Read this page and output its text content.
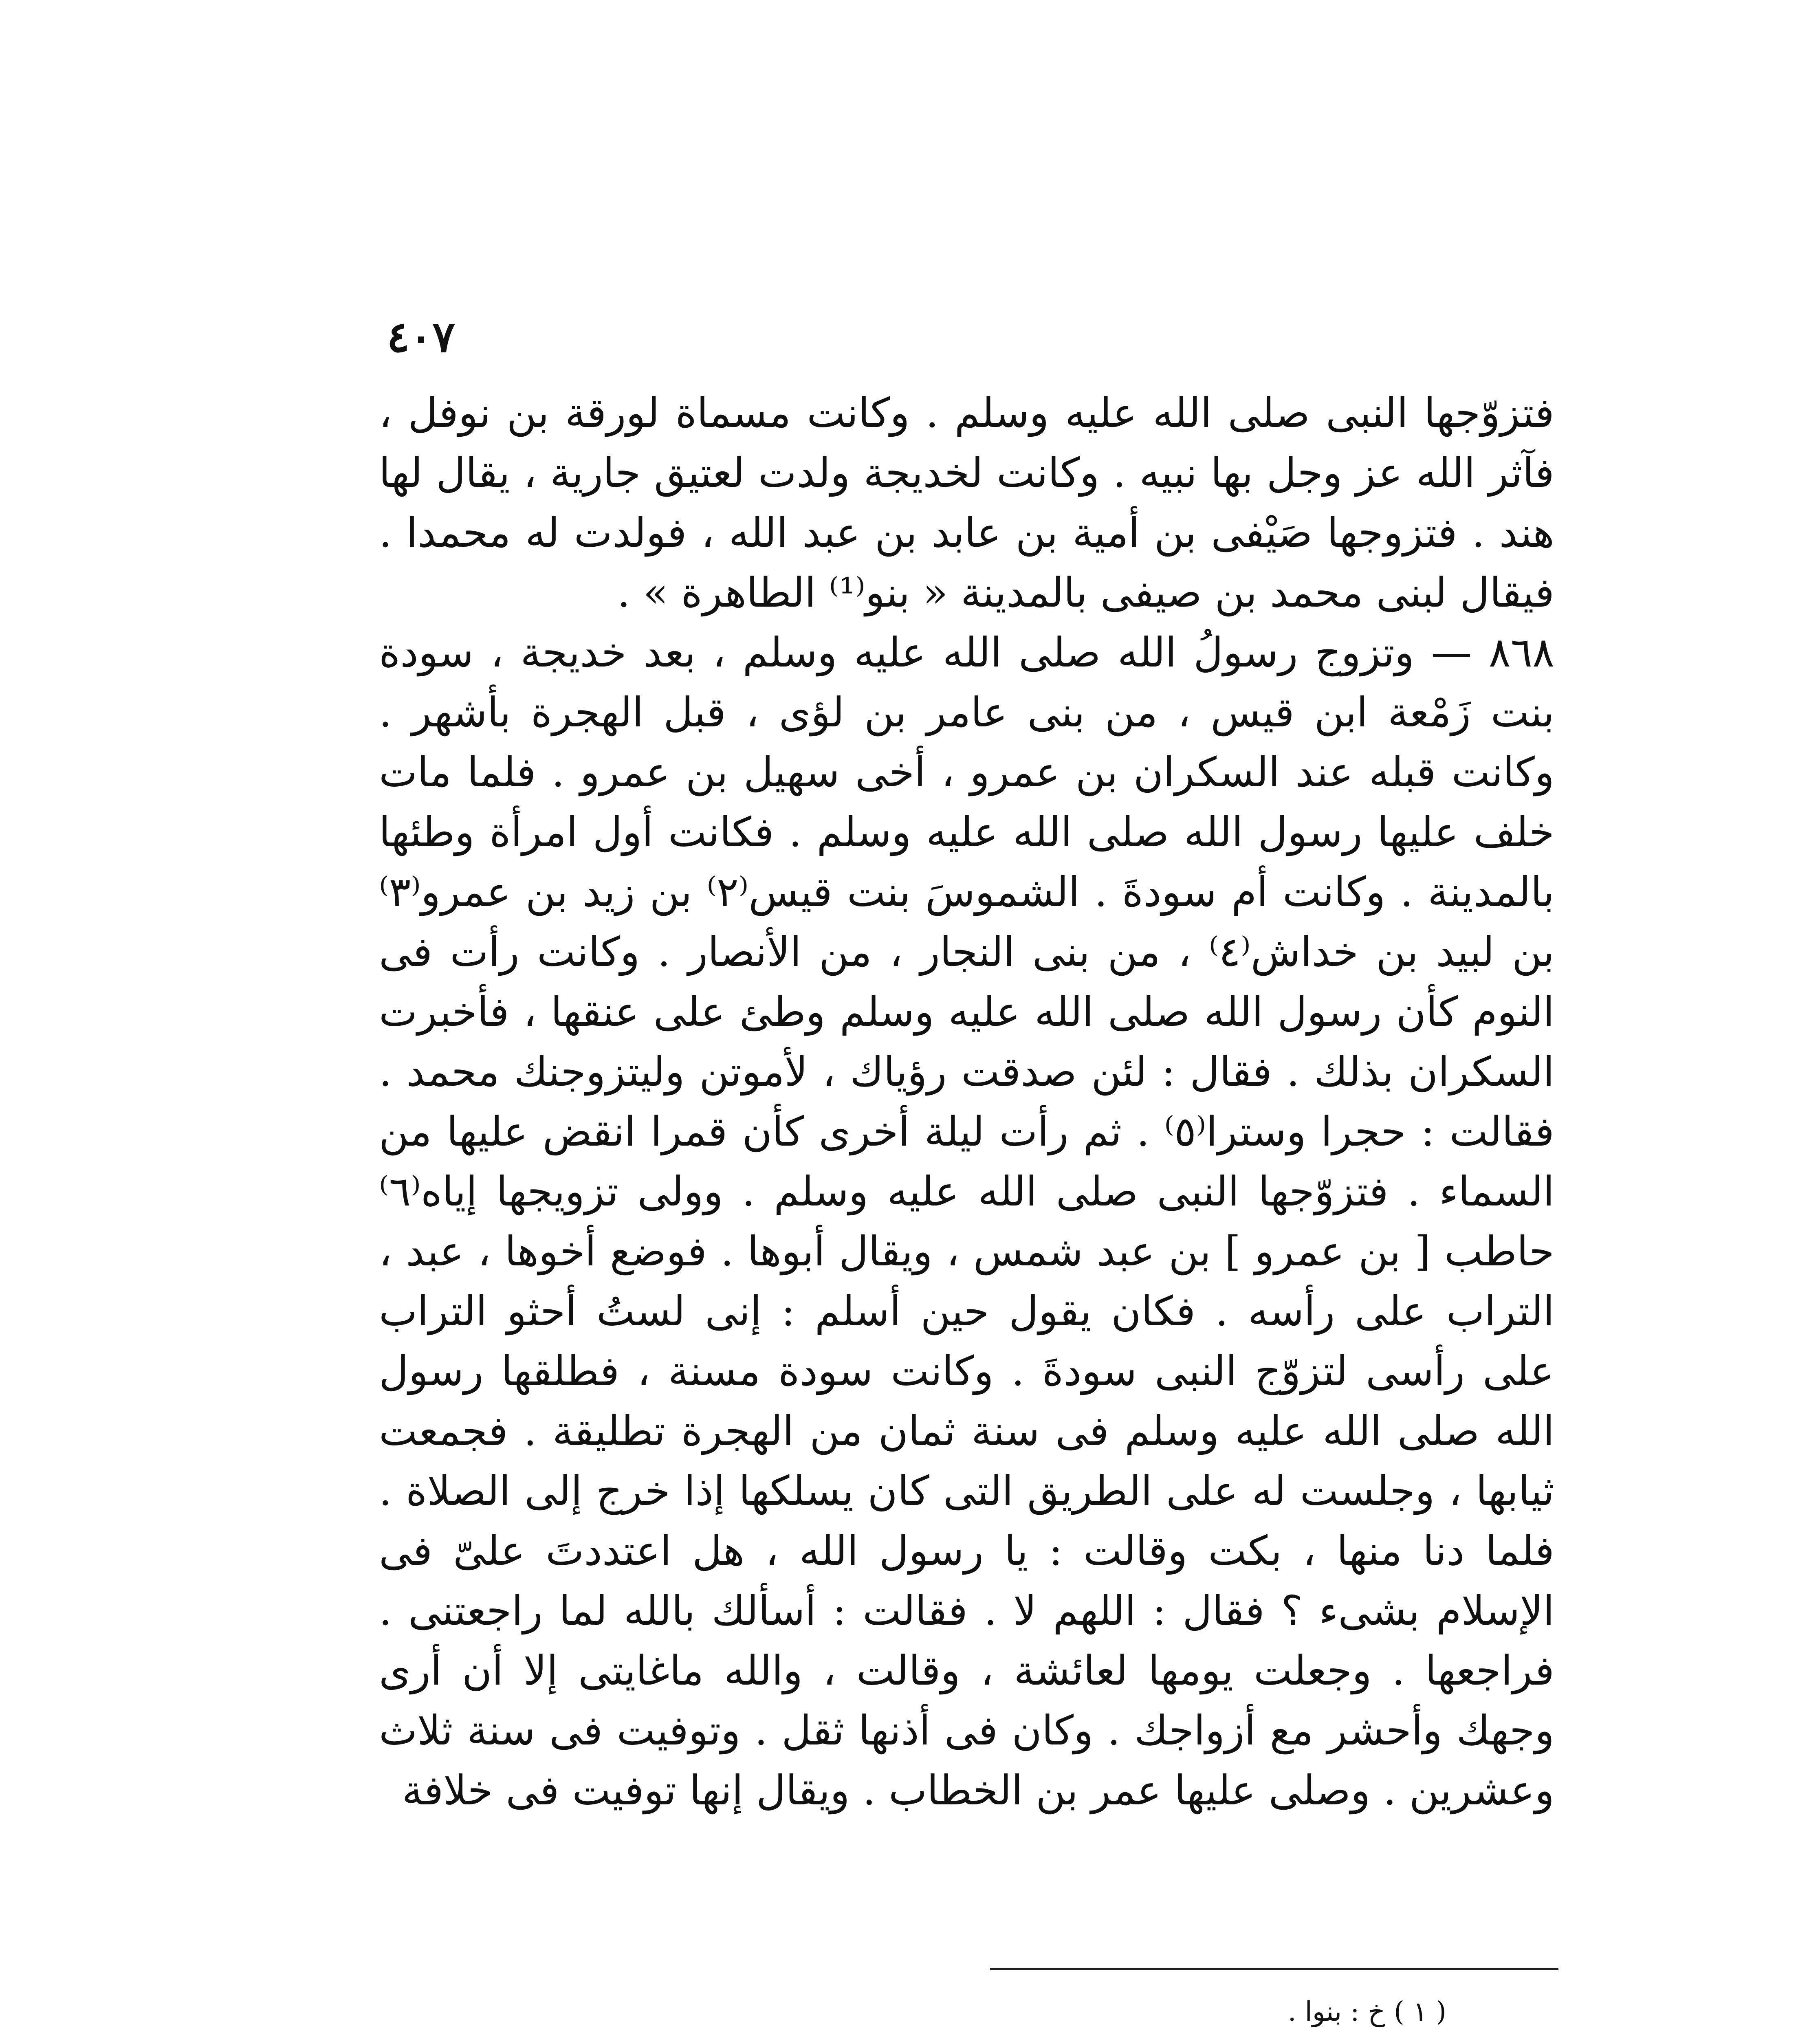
٤٠٧

فتزوّجها النبى صلى الله عليه وسلم . وكانت مسماة لورقة بن نوفل ، فآثر الله عز وجل بها نبيه . وكانت لخديجة ولدت لعتيق جارية ، يقال لها هند . فتزوجها صَيْفى بن أمية بن عابد بن عبد الله ، فولدت له محمدا . فيقال لبنى محمد بن صيفى بالمدينة « بنو⁽¹⁾ الطاهرة » .

٨٦٨ — وتزوج رسولُ الله صلى الله عليه وسلم ، بعد خديجة ، سودة بنت زَمْعة ابن قيس ، من بنى عامر بن لؤى ، قبل الهجرة بأشهر . وكانت قبله عند السكران بن عمرو ، أخى سهيل بن عمرو . فلما مات خلف عليها رسول الله صلى الله عليه وسلم . فكانت أول امرأة وطئها بالمدينة . وكانت أم سودةَ . الشموسَ بنت قيس⁽٢⁾ بن زيد بن عمرو⁽٣⁾ بن لبيد بن خداش⁽٤⁾ ، من بنى النجار ، من الأنصار . وكانت رأت فى النوم كأن رسول الله صلى الله عليه وسلم وطئ على عنقها ، فأخبرت السكران بذلك . فقال : لئن صدقت رؤياك ، لأموتن وليتزوجنك محمد . فقالت : حجرا وسترا⁽٥⁾ . ثم رأت ليلة أخرى كأن قمرا انقض عليها من السماء . فتزوّجها النبى صلى الله عليه وسلم . وولى تزويجها إياه⁽٦⁾ حاطب [ بن عمرو ] بن عبد شمس ، ويقال أبوها . فوضع أخوها ، عبد ، التراب على رأسه . فكان يقول حين أسلم : إنى لستُ أحثو التراب على رأسى لتزوّج النبى سودةَ . وكانت سودة مسنة ، فطلقها رسول الله صلى الله عليه وسلم فى سنة ثمان من الهجرة تطليقة . فجمعت ثيابها ، وجلست له على الطريق التى كان يسلكها إذا خرج إلى الصلاة . فلما دنا منها ، بكت وقالت : يا رسول الله ، هل اعتددتَ علىّ فى الإسلام بشىء ؟ فقال : اللهم لا . فقالت : أسألك بالله لما راجعتنى . فراجعها . وجعلت يومها لعائشة ، وقالت ، والله ماغايتى إلا أن أرى وجهك وأحشر مع أزواجك . وكان فى أذنها ثقل . وتوفيت فى سنة ثلاث وعشرين . وصلى عليها عمر بن الخطاب . ويقال إنها توفيت فى خلافة

( ١ ) خ : بنوا .
